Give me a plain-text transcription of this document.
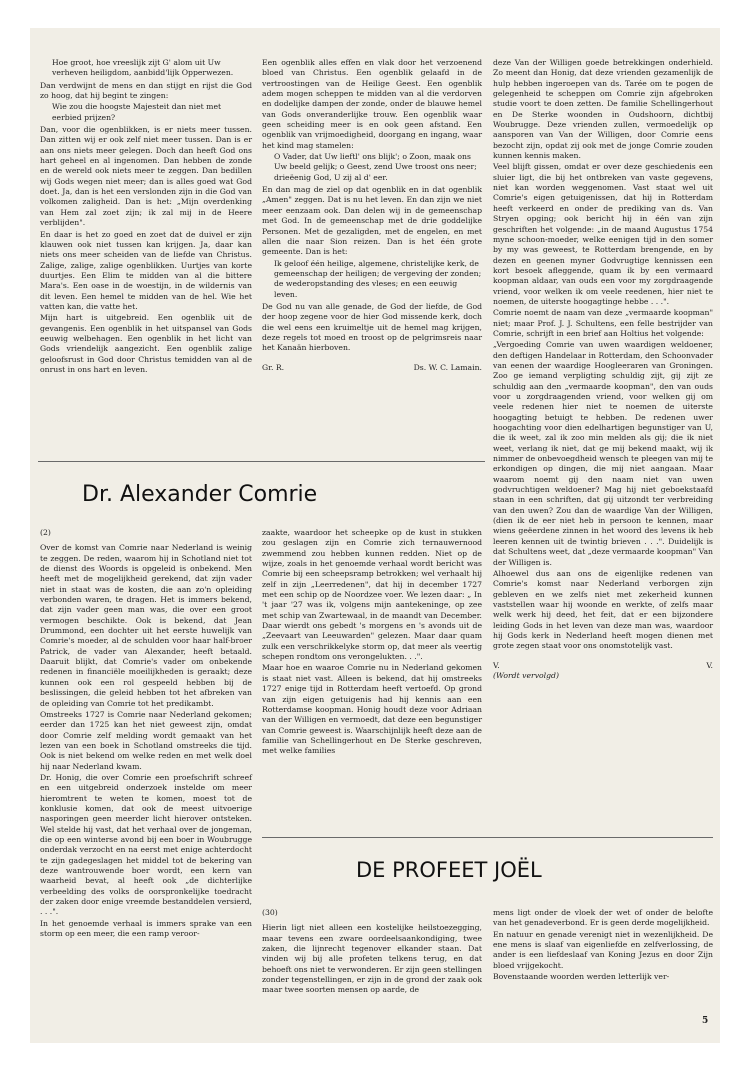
Hoe groot, hoe vreeslijk zijt G' alom uit Uw verheven heiligdom, aanbidd'lijk Opperwezen.

Dan verdwijnt de mens en dan stijgt en rijst die God zo hoog, dat hij begint te zingen:

Wie zou die hoogste Majesteit dan niet met eerbied prijzen?

Dan, voor die ogenblikken, is er niets meer tussen. Dan zitten wij er ook zelf niet meer tussen. Dan is er aan ons niets meer gelegen. Doch dan heeft God ons hart geheel en al ingenomen. Dan hebben de zonde en de wereld ook niets meer te zeggen. Dan bedillen wij Gods wegen niet meer; dan is alles goed wat God doet. Ja, dan is het een verslonden zijn in die God van volkomen zaligheid. Dan is het: „Mijn overdenking van Hem zal zoet zijn; ik zal mij in de Heere verblijden".

En daar is het zo goed en zoet dat de duivel er zijn klauwen ook niet tussen kan krijgen. Ja, daar kan niets ons meer scheiden van de liefde van Christus. Zalige, zalige, zalige ogenblikken. Uurtjes van korte duurtjes. Een Elim te midden van al die bittere Mara's. Een oase in de woestijn, in de wildernis van dit leven. Een hemel te midden van de hel. Wie het vatten kan, die vatte het.

Mijn hart is uitgebreid. Een ogenblik uit de gevangenis. Een ogenblik in het uitspansel van Gods eeuwig welbehagen. Een ogenblik in het licht van Gods vriendelijk aangezicht. Een ogenblik zalige geloofsrust in God door Christus temidden van al de onrust in ons hart en leven.

Een ogenblik alles effen en vlak door het verzoenend bloed van Christus. Een ogenblik gelaafd in de vertroostingen van de Heilige Geest. Een ogenblik adem mogen scheppen te midden van al die verdorven en dodelijke dampen der zonde, onder de blauwe hemel van Gods onveranderlijke trouw. Een ogenblik waar geen scheiding meer is en ook geen afstand. Een ogenblik van vrijmoedigheid, doorgang en ingang, waar het kind mag stamelen:

O Vader, dat Uw lieftl' ons blijk'; o Zoon, maak ons Uw beeld gelijk; o Geest, zend Uwe troost ons neer; drieëenig God, U zij al d' eer.

En dan mag de ziel op dat ogenblik en in dat ogenblik „Amen" zeggen. Dat is nu het leven. En dan zijn we niet meer eenzaam ook. Dan delen wij in de gemeenschap met God. In de gemeenschap met de drie goddelijke Personen. Met de gezaligden, met de engelen, en met allen die naar Sion reizen. Dan is het één grote gemeente. Dan is het:

Ik geloof één heilige, algemene, christelijke kerk, de gemeenschap der heiligen; de vergeving der zonden; de wederopstanding des vleses; en een eeuwig leven.

De God nu van alle genade, de God der liefde, de God der hoop zegene voor de hier God missende kerk, doch die wel eens een kruimeltje uit de hemel mag krijgen, deze regels tot moed en troost op de pelgrimsreis naar het Kanaän hierboven.

Gr. R.	Ds. W. C. Lamain.
Dr. Alexander Comrie

(2)

Over de komst van Comrie naar Nederland is weinig te zeggen. De reden, waarom hij in Schotland niet tot de dienst des Woords is opgeleid is onbekend. Men heeft met de mogelijkheid gerekend, dat zijn vader niet in staat was de kosten, die aan zo'n opleiding verbonden waren, te dragen. Het is immers bekend, dat zijn vader geen man was, die over een groot vermogen beschikte. Ook is bekend, dat Jean Drummond, een dochter uit het eerste huwelijk van Comrie's moeder, al de schulden voor haar half-broer Patrick, de vader van Alexander, heeft betaald. Daaruit blijkt, dat Comrie's vader om onbekende redenen in financiële moeilijkheden is geraakt; deze kunnen ook een rol gespeeld hebben bij de beslissingen, die geleid hebben tot het afbreken van de opleiding van Comrie tot het predikambt.

Omstreeks 1727 is Comrie naar Nederland gekomen; eerder dan 1725 kan het niet geweest zijn, omdat door Comrie zelf melding wordt gemaakt van het lezen van een boek in Schotland omstreeks die tijd. Ook is niet bekend om welke reden en met welk doel hij naar Nederland kwam.

Dr. Honig, die over Comrie een proefschrift schreef en een uitgebreid onderzoek instelde om meer hieromtrent te weten te komen, moest tot de konklusie komen, dat ook de meest uitvoerige nasporingen geen meerder licht hierover ontsteken. Wel stelde hij vast, dat het verhaal over de jongeman, die op een winterse avond bij een boer in Woubrugge onderdak verzocht en na eerst met enige achterdocht te zijn gadegeslagen het middel tot de bekering van deze wantrouwende boer wordt, een kern van waarheid bevat, al heeft ook „de dichterlijke verbeelding des volks de oorspronkelijke toedracht der zaken door enige vreemde bestanddelen versierd, . . .".

In het genoemde verhaal is immers sprake van een storm op een meer, die een ramp veroor-

zaakte, waardoor het scheepke op de kust in stukken zou geslagen zijn en Comrie zich ternauwernood zwemmend zou hebben kunnen redden. Niet op de wijze, zoals in het genoemde verhaal wordt bericht was Comrie bij een scheepsramp betrokken; wel verhaalt hij zelf in zijn „Leerredenen", dat hij in december 1727 met een schip op de Noordzee voer. We lezen daar: „ In 't jaar '27 was ik, volgens mijn aantekeninge, op zee met schip van Zwartewaal, in de maandt van December. Daar wierdt ons gebedt 's morgens en 's avonds uit de „Zeevaart van Leeuwarden" gelezen. Maar daar quam zulk een verschrikkelyke storm op, dat meer als veertig schepen rondtom ons verongelukten. . .".

Maar hoe en waaroe Comrie nu in Nederland gekomen is staat niet vast. Alleen is bekend, dat hij omstreeks 1727 enige tijd in Rotterdam heeft vertoefd. Op grond van zijn eigen getuigenis had hij kennis aan een Rotterdamse koopman. Honig houdt deze voor Adriaan van der Willigen en vermoedt, dat deze een begunstiger van Comrie geweest is. Waarschijnlijk heeft deze aan de familie van Schellingerhout en De Sterke geschreven, met welke families

deze Van der Willigen goede betrekkingen onderhield. Zo meent dan Honig, dat deze vrienden gezamenlijk de hulp hebben ingeroepen van ds. Tarée om te pogen de gelegenheid te scheppen om Comrie zijn afgebroken studie voort te doen zetten. De familie Schellingerhout en De Sterke woonden in Oudshoorn, dichtbij Woubrugge. Deze vrienden zullen, vermoedelijk op aansporen van Van der Willigen, door Comrie eens bezocht zijn, opdat zij ook met de jonge Comrie zouden kunnen kennis maken.

Veel blijft gissen, omdat er over deze geschiedenis een sluier ligt, die bij het ontbreken van vaste gegevens, niet kan worden weggenomen. Vast staat wel uit Comrie's eigen getuigenissen, dat hij in Rotterdam heeft verkeerd en onder de prediking van ds. Van Stryen opging; ook bericht hij in één van zijn geschriften het volgende: „in de maand Augustus 1754 myne schoon-moeder, welke eenigen tijd in den somer by my was geweest, te Rotterdam brengende, en by dezen en geenen myner Godvrugtige kennissen een kort besoek afleggende, quam ik by een vermaard koopman aldaar, van ouds een voor my zorgdraagende vriend, voor welken ik om veele reedenen, hier niet te noemen, de uiterste hoogagtinge hebbe . . .".

Comrie noemt de naam van deze „vermaarde koopman" niet; maar Prof. J. J. Schultens, een felle bestrijder van Comrie, schrijft in een brief aan Holtius het volgende:

„Vergoeding Comrie van uwen waardigen weldoener, den deftigen Handelaar in Rotterdam, den Schoonvader van eenen der waardige Hoogleeraren van Groningen. Zoo ge iemand verpligting schuldig zijt, gij zijt ze schuldig aan den „vermaarde koopman", den van ouds voor u zorgdraagenden vriend, voor welken gij om veele redenen hier niet te noemen de uiterste hoogagting betuigt te hebben. De redenen uwer hoogachting voor dien edelhartigen begunstiger van U, die ik weet, zal ik zoo min melden als gij; die ik niet weet, verlang ik niet, dat ge mij bekend maakt, wij ik nimmer de onbevoegdheid wensch te pleegen van mij te erkondigen op dingen, die mij niet aangaan. Maar waarom noemt gij den naam niet van uwen godvruchtigen weldoener? Mag hij niet geboekstaafd staan in een schriften, dat gij uitzondt ter verbreiding van den uwen? Zou dan de waardige Van der Willigen, (dien ik de eer niet heb in persoon te kennen, maar wiens geëerdene zinnen in het woord des levens ik heb leeren kennen uit de twintig brieven . . .". Duidelijk is dat Schultens weet, dat „deze vermaarde koopman" Van der Willigen is.

Alhoewel dus aan ons de eigenlijke redenen van Comrie's komst naar Nederland verborgen zijn gebleven en we zelfs niet met zekerheid kunnen vaststellen waar hij woonde en werkte, of zelfs maar welk werk hij deed, het feit, dat er een bijzondere leiding Gods in het leven van deze man was, waardoor hij Gods kerk in Nederland heeft mogen dienen met grote zegen staat voor ons onomstotelijk vast.

V.	V.

(Wordt vervolgd)

DE PROFEET JOËL

(30)

Hierin ligt niet alleen een kostelijke heilstoezegging, maar tevens een zware oordeelsaankondiging, twee zaken, die lijnrecht tegenover elkander staan. Dat vinden wij bij alle profeten telkens terug, en dat behoeft ons niet te verwonderen. Er zijn geen stellingen zonder tegenstellingen, er zijn in de grond der zaak ook maar twee soorten mensen op aarde, de

mens ligt onder de vloek der wet of onder de belofte van het genadeverbond. Er is geen derde mogelijkheid.

En natuur en genade verenigt niet in wezenlijkheid. De ene mens is slaaf van eigenliefde en zelfverlossing, de ander is een liefdeslaaf van Koning Jezus en door Zijn bloed vrijgekocht.

Bovenstaande woorden werden letterlijk ver-

5
